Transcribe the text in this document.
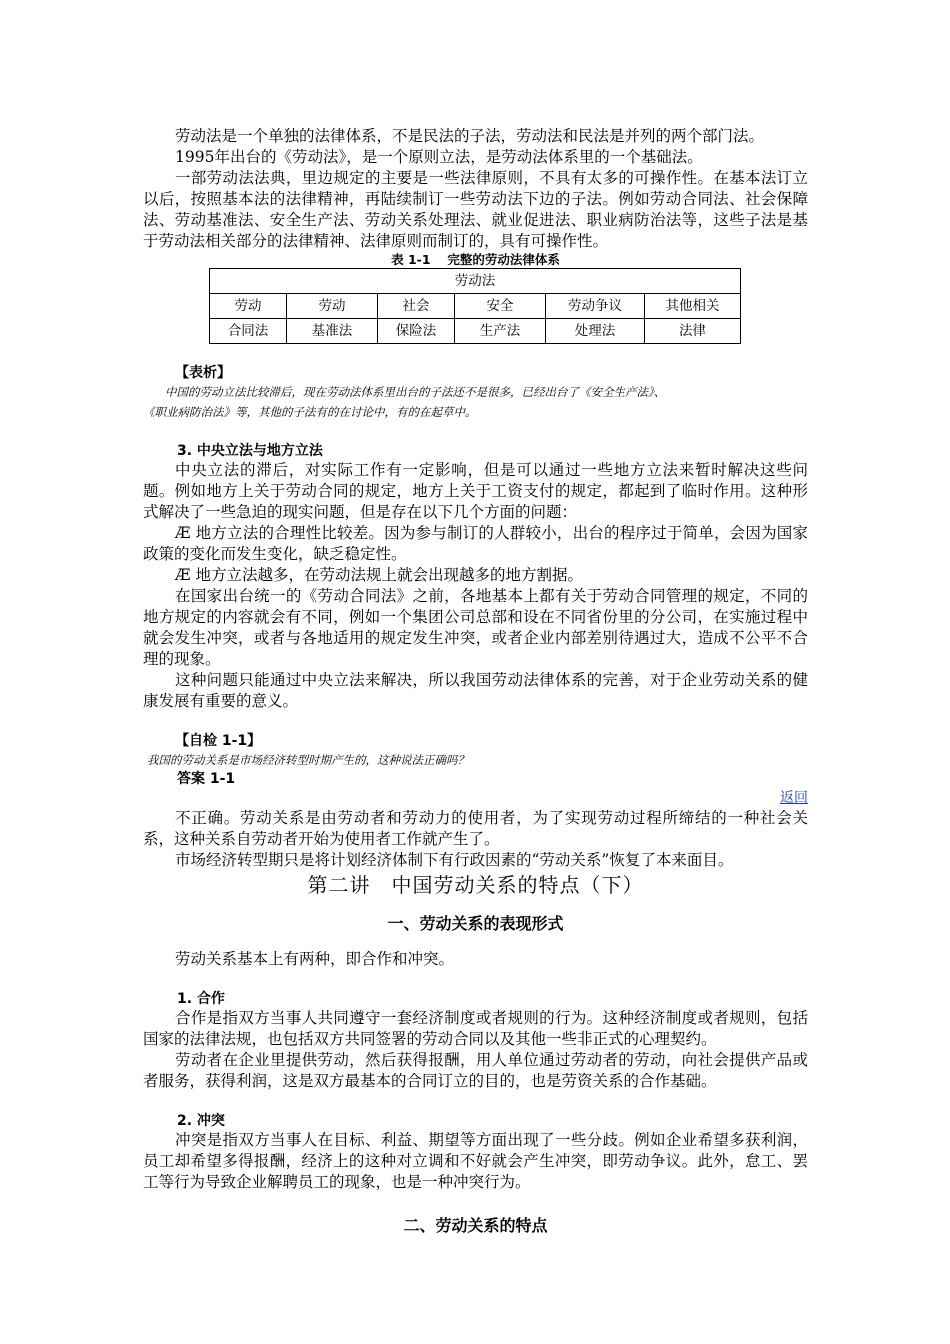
劳动法是一个单独的法律体系，不是民法的子法，劳动法和民法是并列的两个部门法。

1995年出台的《劳动法》，是一个原则立法，是劳动法体系里的一个基础法。

一部劳动法法典，里边规定的主要是一些法律原则，不具有太多的可操作性。在基本法订立以后，按照基本法的法律精神，再陆续制订一些劳动法下边的子法。例如劳动合同法、社会保障法、劳动基准法、安全生产法、劳动关系处理法、就业促进法、职业病防治法等，这些子法是基于劳动法相关部分的法律精神、法律原则而制订的，具有可操作性。

表 1-1　 完整的劳动法律体系

劳动法					
劳动	劳动	社会	安全	劳动争议	其他相关
合同法	基准法	保险法	生产法	处理法	法律

【表析】

中国的劳动立法比较滞后，现在劳动法体系里出台的子法还不是很多，已经出台了《安全生产法》、

《职业病防治法》等，其他的子法有的在讨论中，有的在起草中。

3. 中央立法与地方立法

中央立法的滞后，对实际工作有一定影响，但是可以通过一些地方立法来暂时解决这些问题。例如地方上关于劳动合同的规定，地方上关于工资支付的规定，都起到了临时作用。这种形式解决了一些急迫的现实问题，但是存在以下几个方面的问题：

Æ 地方立法的合理性比较差。因为参与制订的人群较小，出台的程序过于简单，会因为国家政策的变化而发生变化，缺乏稳定性。

Æ 地方立法越多，在劳动法规上就会出现越多的地方割据。

在国家出台统一的《劳动合同法》之前，各地基本上都有关于劳动合同管理的规定，不同的地方规定的内容就会有不同，例如一个集团公司总部和设在不同省份里的分公司，在实施过程中就会发生冲突，或者与各地适用的规定发生冲突，或者企业内部差别待遇过大，造成不公平不合理的现象。

这种问题只能通过中央立法来解决，所以我国劳动法律体系的完善，对于企业劳动关系的健康发展有重要的意义。

【自检 1-1】

我国的劳动关系是市场经济转型时期产生的，这种说法正确吗？

答案 1-1

返回

不正确。劳动关系是由劳动者和劳动力的使用者，为了实现劳动过程所缔结的一种社会关系，这种关系自劳动者开始为使用者工作就产生了。

市场经济转型期只是将计划经济体制下有行政因素的“劳动关系”恢复了本来面目。

第二讲　中国劳动关系的特点（下）

一、劳动关系的表现形式

劳动关系基本上有两种，即合作和冲突。

1. 合作

合作是指双方当事人共同遵守一套经济制度或者规则的行为。这种经济制度或者规则，包括国家的法律法规，也包括双方共同签署的劳动合同以及其他一些非正式的心理契约。

劳动者在企业里提供劳动，然后获得报酬，用人单位通过劳动者的劳动，向社会提供产品或者服务，获得利润，这是双方最基本的合同订立的目的，也是劳资关系的合作基础。

2. 冲突

冲突是指双方当事人在目标、利益、期望等方面出现了一些分歧。例如企业希望多获利润，员工却希望多得报酬，经济上的这种对立调和不好就会产生冲突，即劳动争议。此外，怠工、罢工等行为导致企业解聘员工的现象，也是一种冲突行为。

二、劳动关系的特点
